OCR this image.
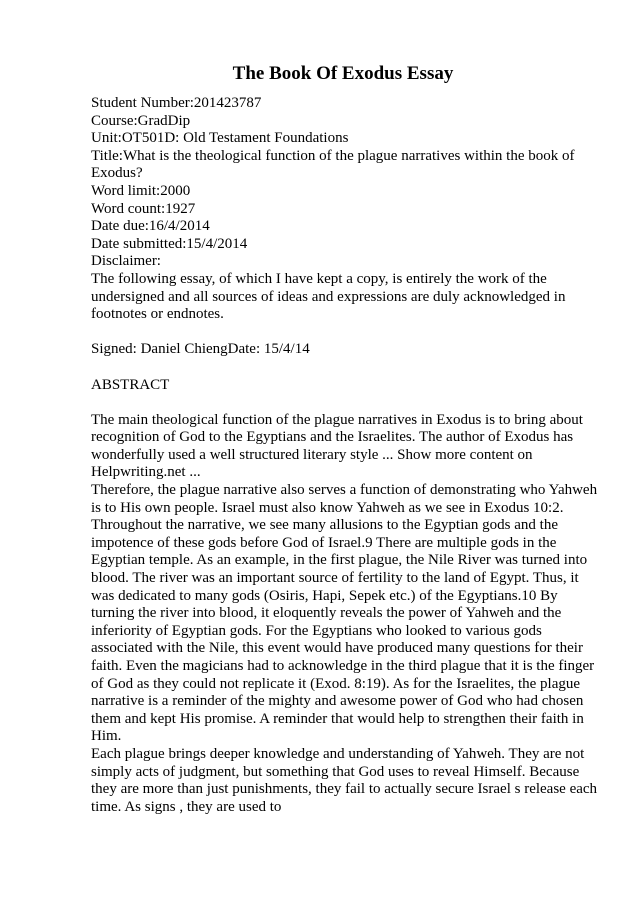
The Book Of Exodus Essay

Student Number:201423787

Course:GradDip

Unit:OT501D: Old Testament Foundations

Title:What is the theological function of the plague narratives within the book of

Exodus?

Word limit:2000

Word count:1927

Date due:16/4/2014

Date submitted:15/4/2014

Disclaimer:

The following essay, of which I have kept a copy, is entirely the work of the

undersigned and all sources of ideas and expressions are duly acknowledged in

footnotes or endnotes.

Signed: Daniel ChiengDate: 15/4/14

ABSTRACT

The main theological function of the plague narratives in Exodus is to bring about

recognition of God to the Egyptians and the Israelites. The author of Exodus has

wonderfully used a well structured literary style ... Show more content on

Helpwriting.net ...

Therefore, the plague narrative also serves a function of demonstrating who Yahweh

is to His own people. Israel must also know Yahweh as we see in Exodus 10:2.

Throughout the narrative, we see many allusions to the Egyptian gods and the

impotence of these gods before God of Israel.9 There are multiple gods in the

Egyptian temple. As an example, in the first plague, the Nile River was turned into

blood. The river was an important source of fertility to the land of Egypt. Thus, it

was dedicated to many gods (Osiris, Hapi, Sepek etc.) of the Egyptians.10 By

turning the river into blood, it eloquently reveals the power of Yahweh and the

inferiority of Egyptian gods. For the Egyptians who looked to various gods

associated with the Nile, this event would have produced many questions for their

faith. Even the magicians had to acknowledge in the third plague that it is the finger

of God as they could not replicate it (Exod. 8:19). As for the Israelites, the plague

narrative is a reminder of the mighty and awesome power of God who had chosen

them and kept His promise. A reminder that would help to strengthen their faith in

Him.

Each plague brings deeper knowledge and understanding of Yahweh. They are not

simply acts of judgment, but something that God uses to reveal Himself. Because

they are more than just punishments, they fail to actually secure Israel s release each

time. As signs , they are used to
